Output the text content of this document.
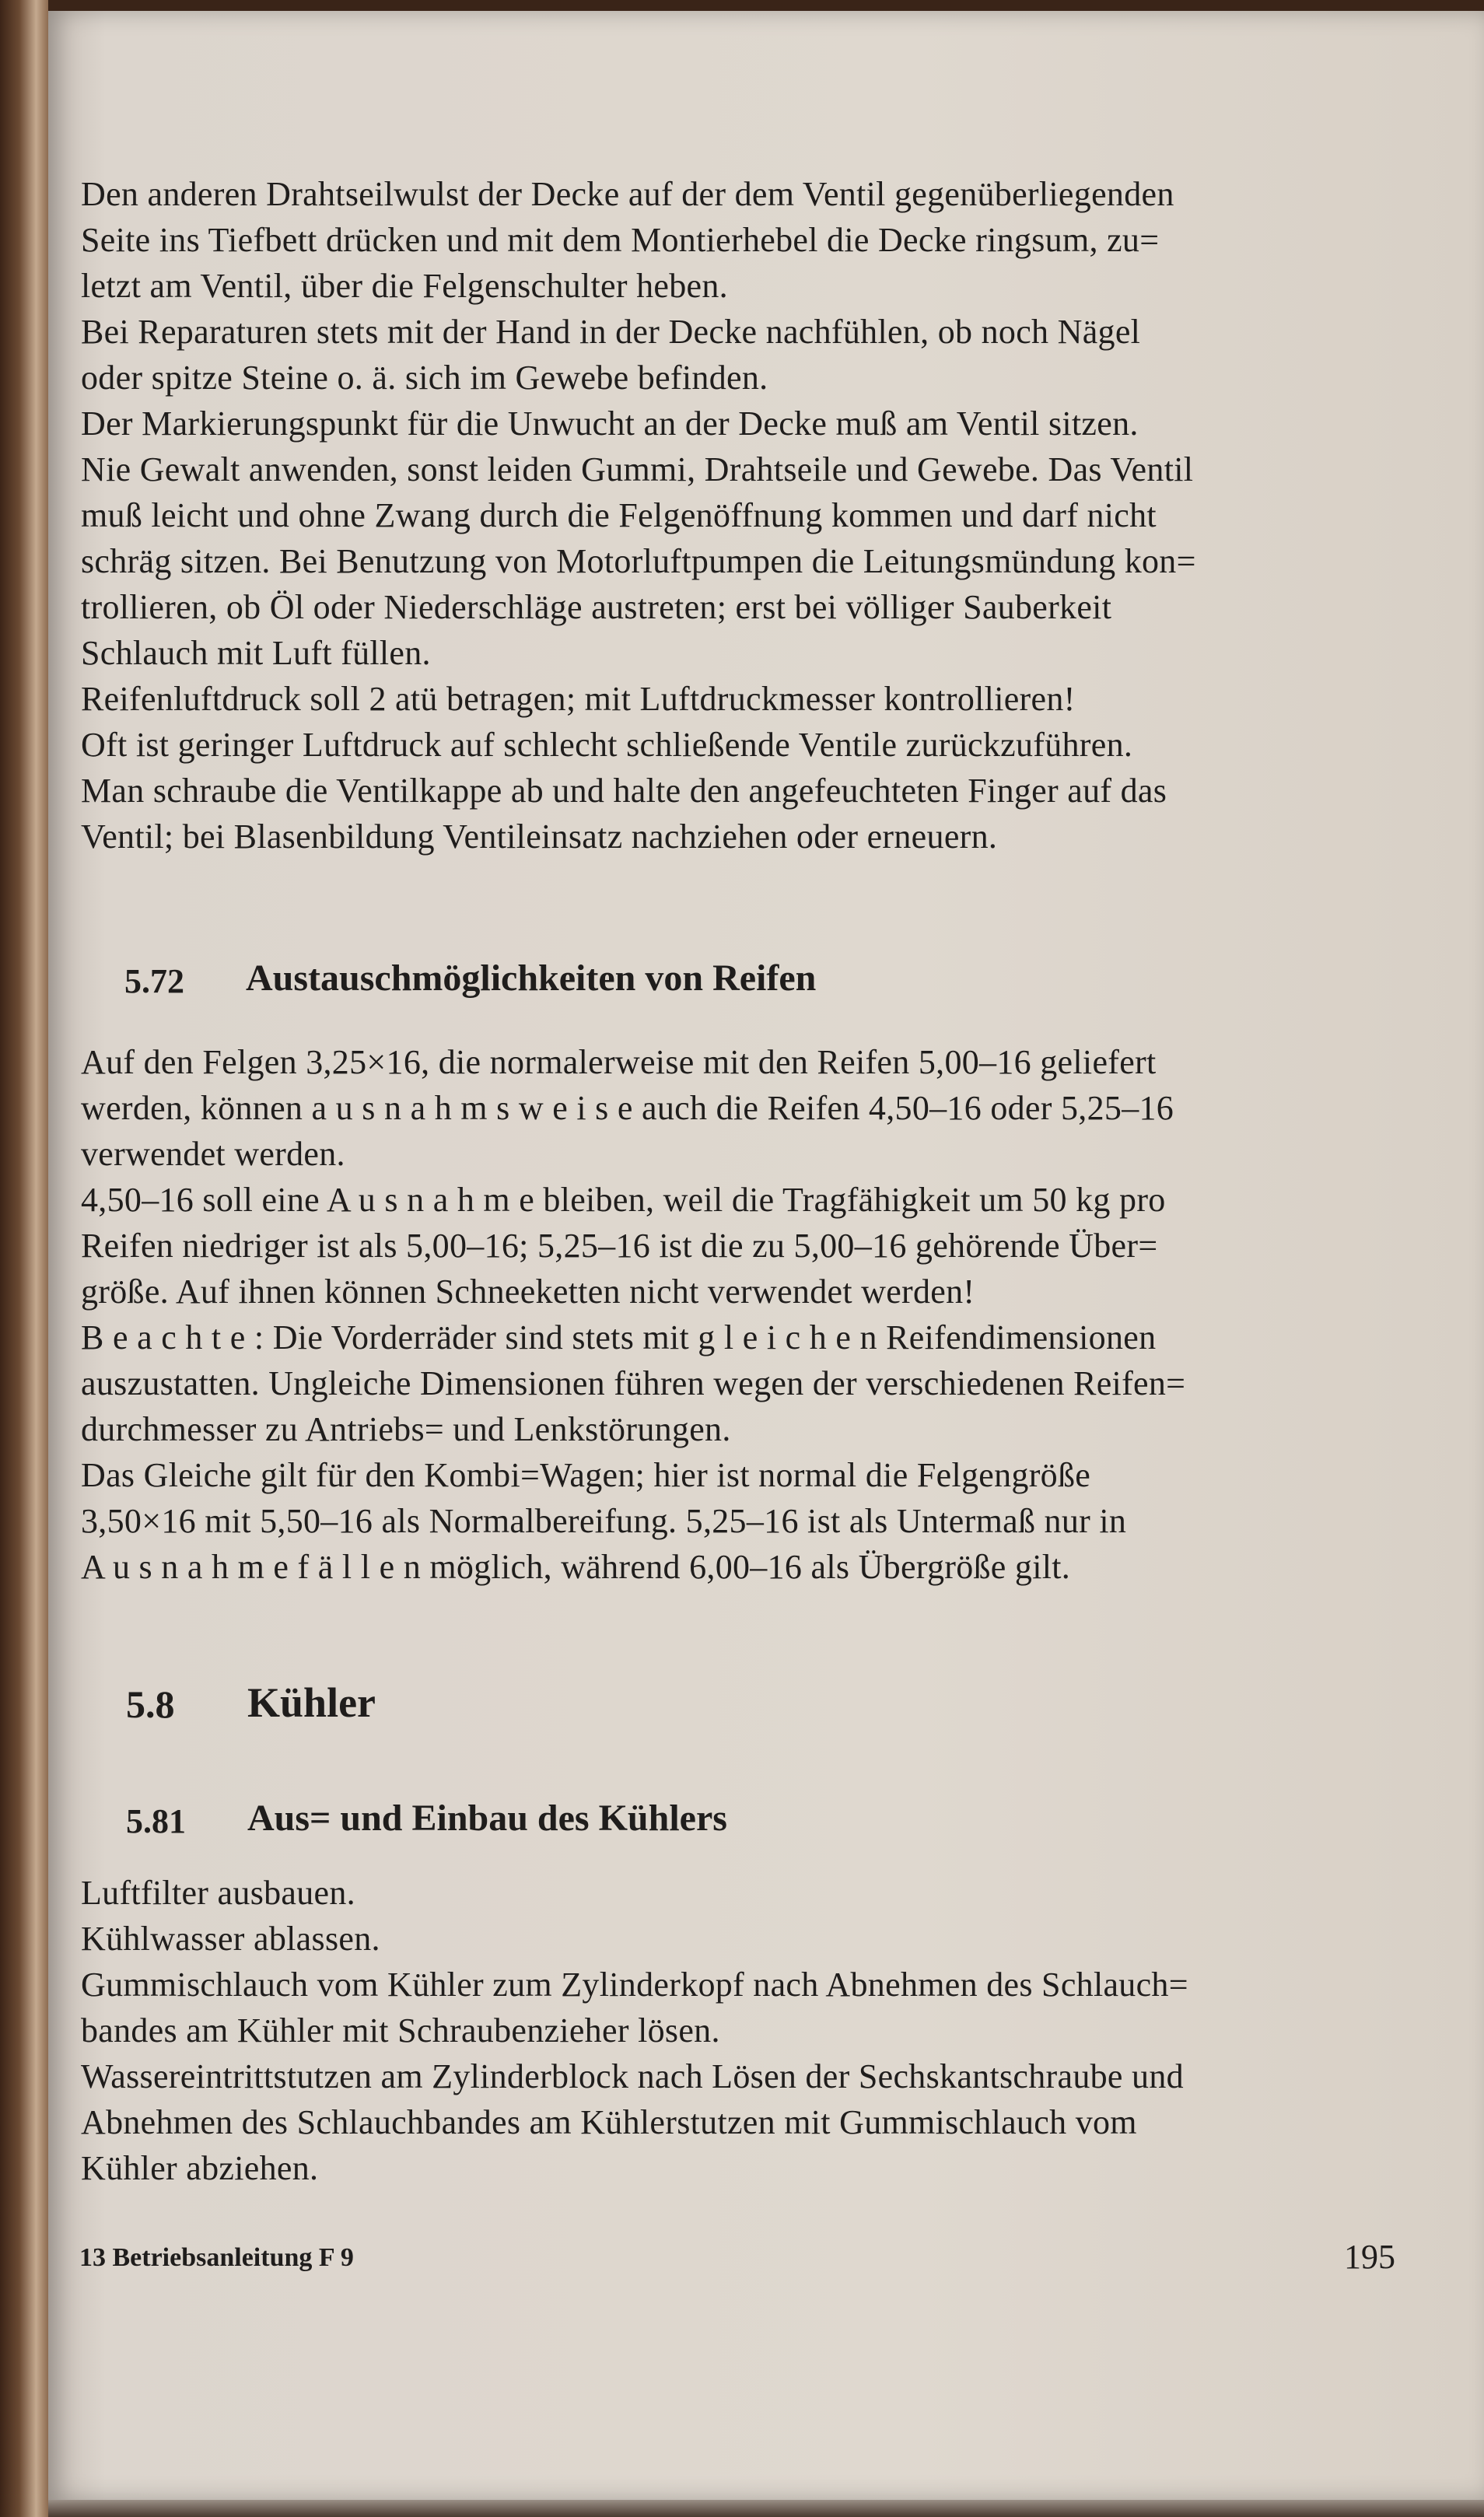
Den anderen Drahtseilwulst der Decke auf der dem Ventil gegenüberliegenden
Seite ins Tiefbett drücken und mit dem Montierhebel die Decke ringsum, zu=
letzt am Ventil, über die Felgenschulter heben.
Bei Reparaturen stets mit der Hand in der Decke nachfühlen, ob noch Nägel
oder spitze Steine o. ä. sich im Gewebe befinden.
Der Markierungspunkt für die Unwucht an der Decke muß am Ventil sitzen.
Nie Gewalt anwenden, sonst leiden Gummi, Drahtseile und Gewebe. Das Ventil
muß leicht und ohne Zwang durch die Felgenöffnung kommen und darf nicht
schräg sitzen. Bei Benutzung von Motorluftpumpen die Leitungsmündung kon=
trollieren, ob Öl oder Niederschläge austreten; erst bei völliger Sauberkeit
Schlauch mit Luft füllen.
Reifenluftdruck soll 2 atü betragen; mit Luftdruckmesser kontrollieren!
Oft ist geringer Luftdruck auf schlecht schließende Ventile zurückzuführen.
Man schraube die Ventilkappe ab und halte den angefeuchteten Finger auf das
Ventil; bei Blasenbildung Ventileinsatz nachziehen oder erneuern.

5.72 Austauschmöglichkeiten von Reifen

Auf den Felgen 3,25×16, die normalerweise mit den Reifen 5,00–16 geliefert
werden, können a u s n a h m s w e i s e auch die Reifen 4,50–16 oder 5,25–16
verwendet werden.
4,50–16 soll eine A u s n a h m e bleiben, weil die Tragfähigkeit um 50 kg pro
Reifen niedriger ist als 5,00–16; 5,25–16 ist die zu 5,00–16 gehörende Über=
größe. Auf ihnen können Schneeketten nicht verwendet werden!
B e a c h t e : Die Vorderräder sind stets mit g l e i c h e n Reifendimensionen
auszustatten. Ungleiche Dimensionen führen wegen der verschiedenen Reifen=
durchmesser zu Antriebs= und Lenkstörungen.
Das Gleiche gilt für den Kombi=Wagen; hier ist normal die Felgengröße
3,50×16 mit 5,50–16 als Normalbereifung. 5,25–16 ist als Untermaß nur in
A u s n a h m e f ä l l e n möglich, während 6,00–16 als Übergröße gilt.

5.8 Kühler
5.81 Aus= und Einbau des Kühlers

Luftfilter ausbauen.
Kühlwasser ablassen.
Gummischlauch vom Kühler zum Zylinderkopf nach Abnehmen des Schlauch=
bandes am Kühler mit Schraubenzieher lösen.
Wassereintrittstutzen am Zylinderblock nach Lösen der Sechskantschraube und
Abnehmen des Schlauchbandes am Kühlerstutzen mit Gummischlauch vom
Kühler abziehen.

13 Betriebsanleitung F 9	195
